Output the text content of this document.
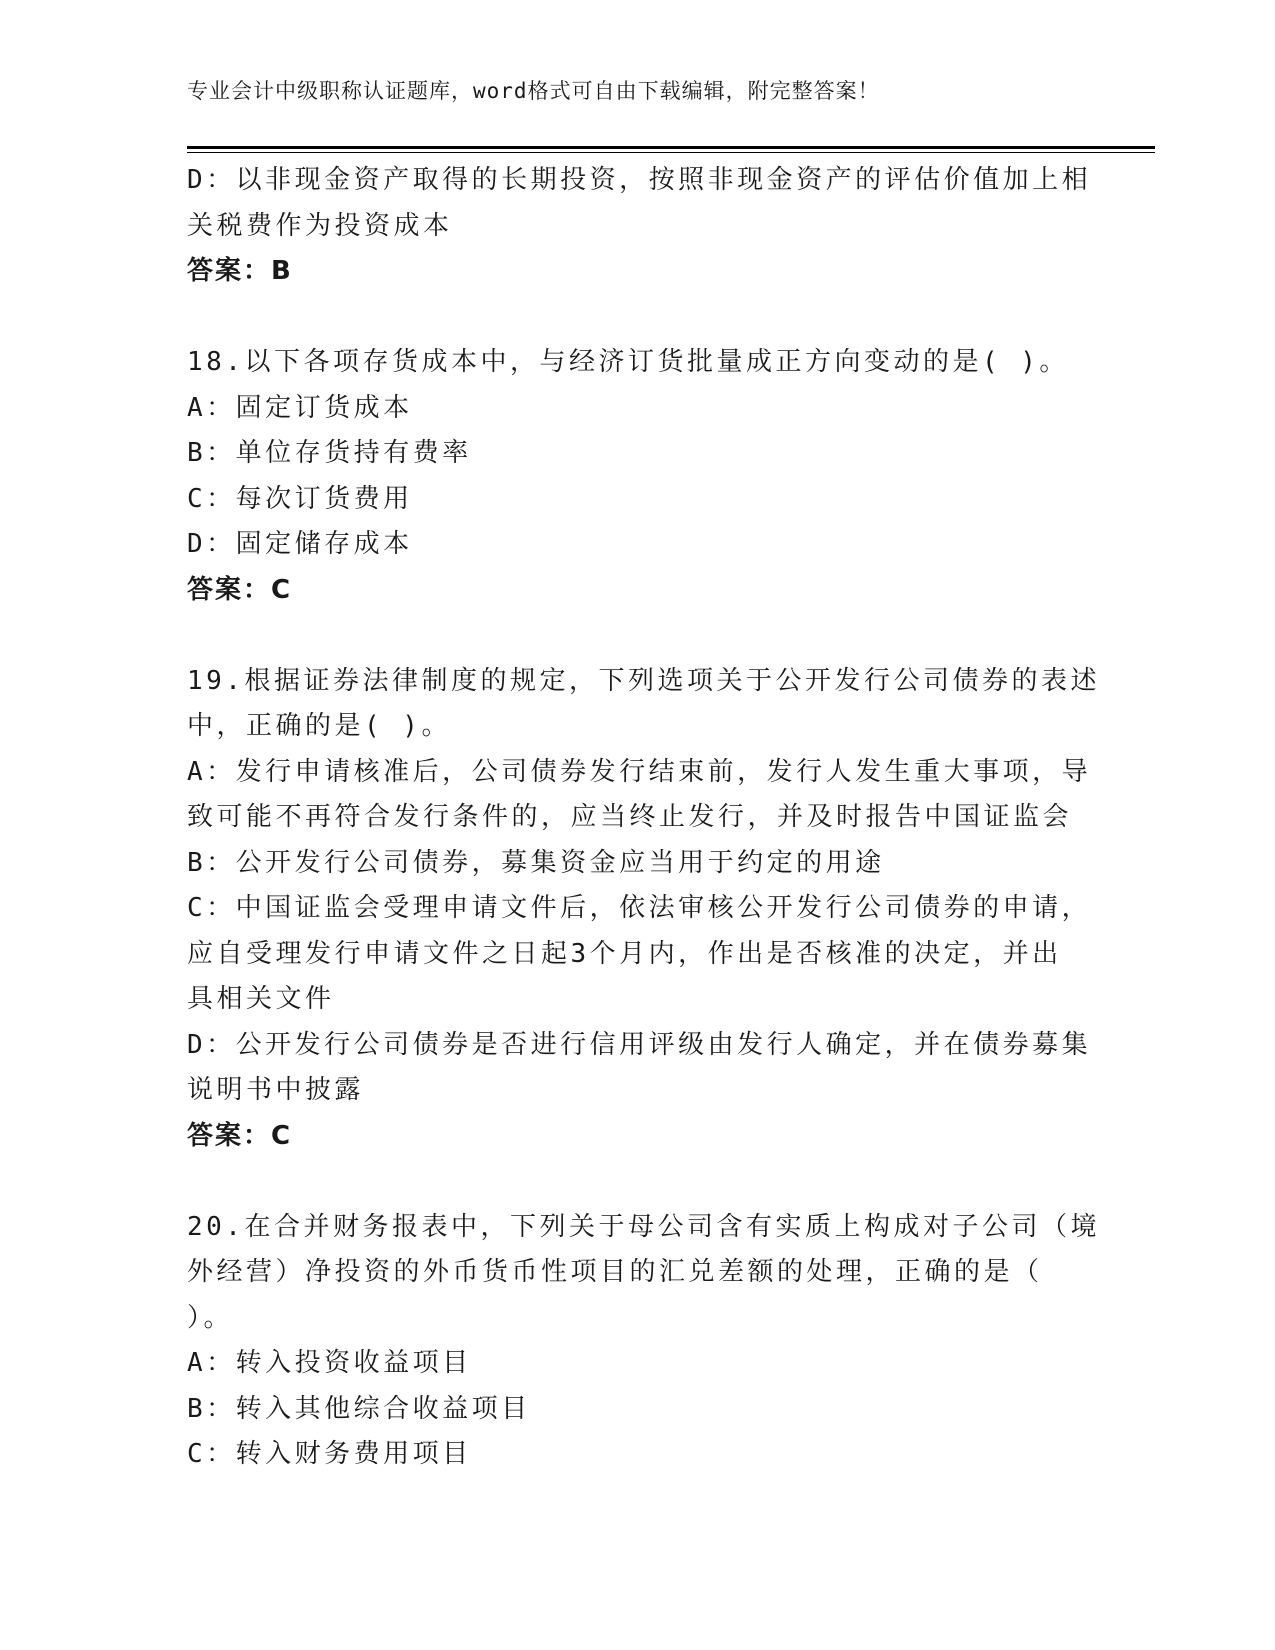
专业会计中级职称认证题库，word格式可自由下载编辑，附完整答案！
D：以非现金资产取得的长期投资，按照非现金资产的评估价值加上相
关税费作为投资成本
答案：B
18.以下各项存货成本中，与经济订货批量成正方向变动的是( )。
A：固定订货成本
B：单位存货持有费率
C：每次订货费用
D：固定储存成本
答案：C
19.根据证券法律制度的规定，下列选项关于公开发行公司债券的表述
中，正确的是( )。
A：发行申请核准后，公司债券发行结束前，发行人发生重大事项，导
致可能不再符合发行条件的，应当终止发行，并及时报告中国证监会
B：公开发行公司债券，募集资金应当用于约定的用途
C：中国证监会受理申请文件后，依法审核公开发行公司债券的申请，
应自受理发行申请文件之日起3个月内，作出是否核准的决定，并出
具相关文件
D：公开发行公司债券是否进行信用评级由发行人确定，并在债券募集
说明书中披露
答案：C
20.在合并财务报表中，下列关于母公司含有实质上构成对子公司（境
外经营）净投资的外币货币性项目的汇兑差额的处理，正确的是（
）。
A：转入投资收益项目
B：转入其他综合收益项目
C：转入财务费用项目
